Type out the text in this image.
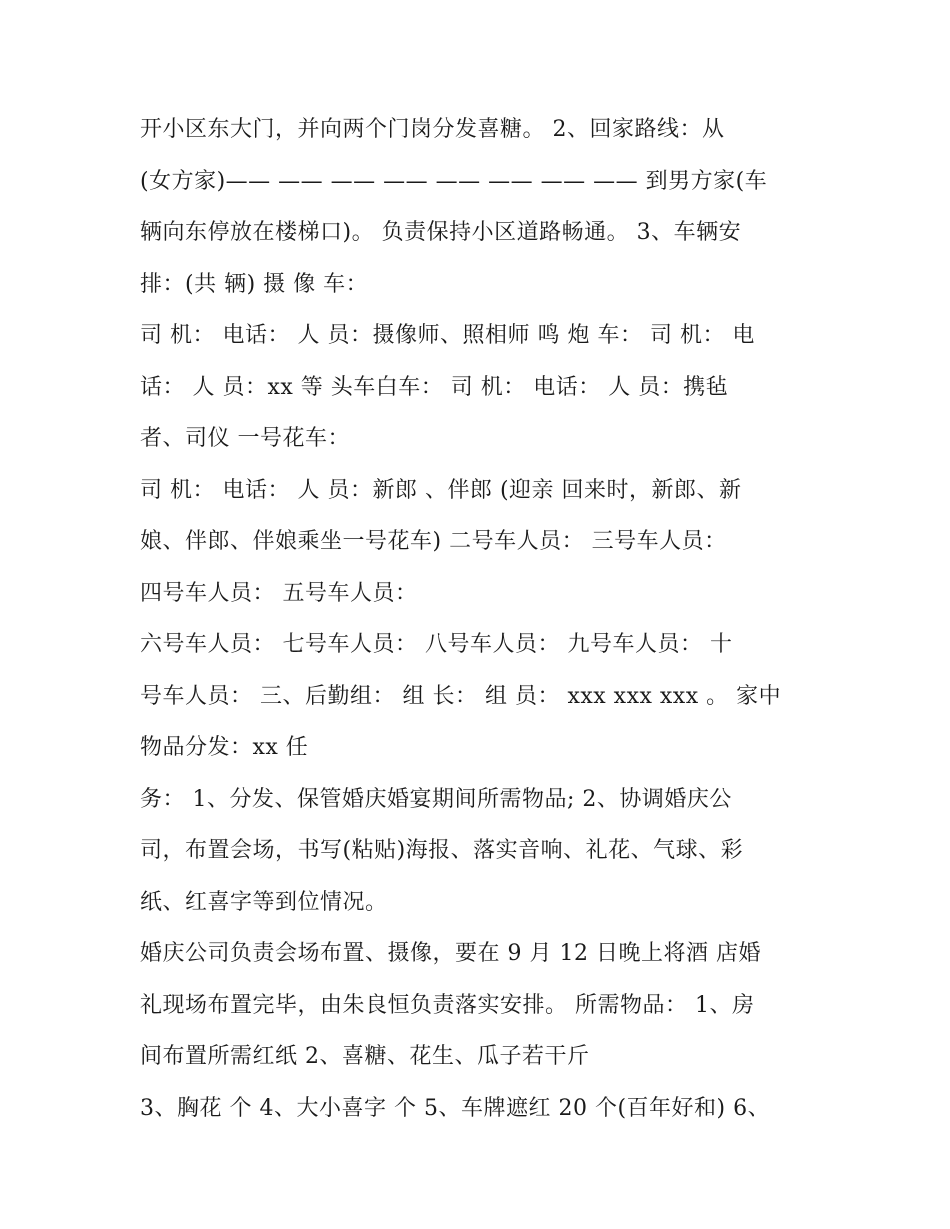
开小区东大门，并向两个门岗分发喜糖。 2、回家路线：从
(女方家)—— —— —— —— —— —— —— —— 到男方家(车
辆向东停放在楼梯口)。 负责保持小区道路畅通。 3、车辆安
排：(共 辆) 摄 像 车：
司 机： 电话： 人 员：摄像师、照相师 鸣 炮 车： 司 机： 电
话： 人 员：xx 等 头车白车： 司 机： 电话： 人 员：携毡
者、司仪 一号花车：
司 机： 电话： 人 员：新郎 、伴郎 (迎亲 回来时，新郎、新
娘、伴郎、伴娘乘坐一号花车) 二号车人员： 三号车人员：
四号车人员： 五号车人员：
六号车人员： 七号车人员： 八号车人员： 九号车人员： 十
号车人员： 三、后勤组： 组 长： 组 员： xxx xxx xxx 。 家中
物品分发：xx 任
务： 1、分发、保管婚庆婚宴期间所需物品; 2、协调婚庆公
司，布置会场，书写(粘贴)海报、落实音响、礼花、气球、彩
纸、红喜字等到位情况。
婚庆公司负责会场布置、摄像，要在 9 月 12 日晚上将酒 店婚
礼现场布置完毕，由朱良恒负责落实安排。 所需物品： 1、房
间布置所需红纸 2、喜糖、花生、瓜子若干斤
3、胸花 个 4、大小喜字 个 5、车牌遮红 20 个(百年好和) 6、
